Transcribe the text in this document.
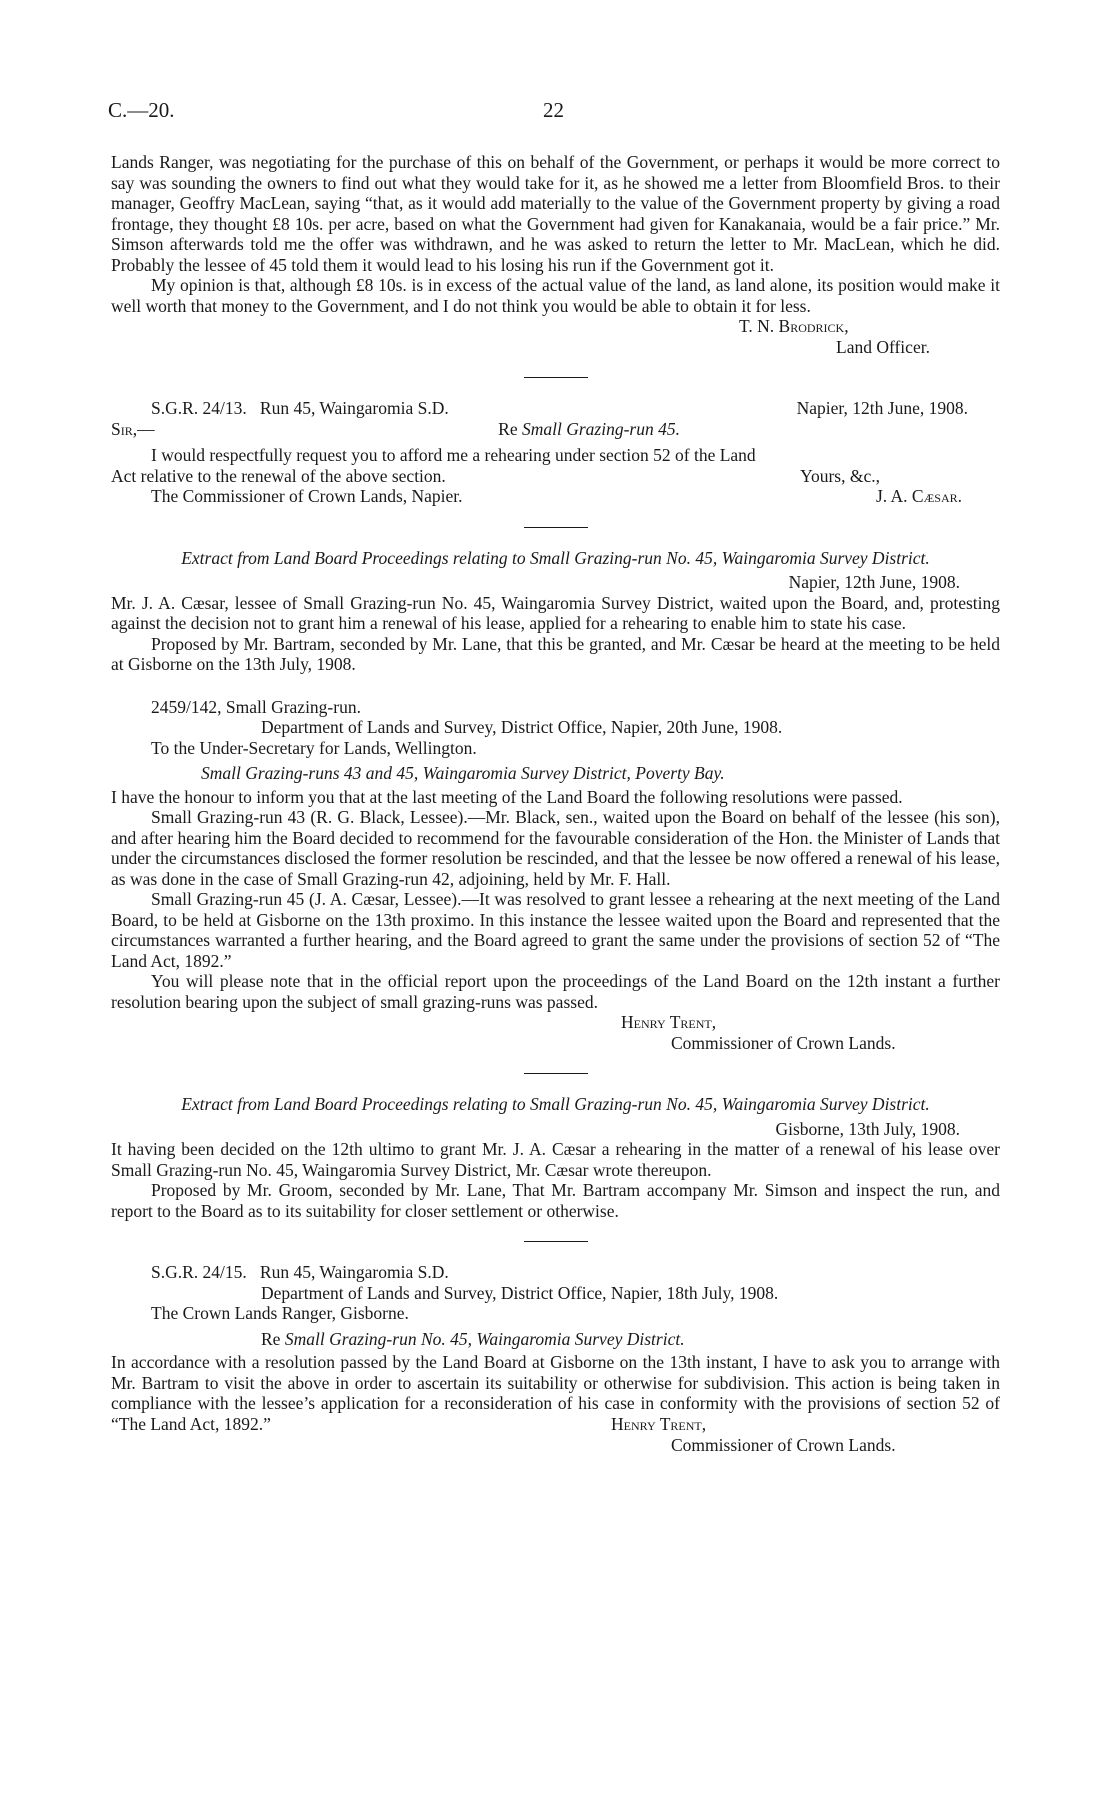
C.—20.	22

Lands Ranger, was negotiating for the purchase of this on behalf of the Government, or perhaps it would be more correct to say was sounding the owners to find out what they would take for it, as he showed me a letter from Bloomfield Bros. to their manager, Geoffry MacLean, saying “that, as it would add materially to the value of the Government property by giving a road frontage, they thought £8 10s. per acre, based on what the Government had given for Kanakanaia, would be a fair price.” Mr. Simson afterwards told me the offer was withdrawn, and he was asked to return the letter to Mr. MacLean, which he did. Probably the lessee of 45 told them it would lead to his losing his run if the Government got it.

My opinion is that, although £8 10s. is in excess of the actual value of the land, as land alone, its position would make it well worth that money to the Government, and I do not think you would be able to obtain it for less.

T. N. Brodrick,
Land Officer.
S.G.R. 24/13. Run 45, Waingaromia S.D.	Napier, 12th June, 1908.
Sir,—	Re Small Grazing-run 45.

I would respectfully request you to afford me a rehearing under section 52 of the Land

Act relative to the renewal of the above section.	Yours, &c.,
The Commissioner of Crown Lands, Napier.	J. A. Cæsar.

Extract from Land Board Proceedings relating to Small Grazing-run No. 45, Waingaromia Survey District.

Napier, 12th June, 1908.

Mr. J. A. Cæsar, lessee of Small Grazing-run No. 45, Waingaromia Survey District, waited upon the Board, and, protesting against the decision not to grant him a renewal of his lease, applied for a rehearing to enable him to state his case.

Proposed by Mr. Bartram, seconded by Mr. Lane, that this be granted, and Mr. Cæsar be heard at the meeting to be held at Gisborne on the 13th July, 1908.

2459/142, Small Grazing-run.
Department of Lands and Survey, District Office, Napier, 20th June, 1908.
To the Under-Secretary for Lands, Wellington.
Small Grazing-runs 43 and 45, Waingaromia Survey District, Poverty Bay.

I have the honour to inform you that at the last meeting of the Land Board the following resolutions were passed.

Small Grazing-run 43 (R. G. Black, Lessee).—Mr. Black, sen., waited upon the Board on behalf of the lessee (his son), and after hearing him the Board decided to recommend for the favourable consideration of the Hon. the Minister of Lands that under the circumstances disclosed the former resolution be rescinded, and that the lessee be now offered a renewal of his lease, as was done in the case of Small Grazing-run 42, adjoining, held by Mr. F. Hall.

Small Grazing-run 45 (J. A. Cæsar, Lessee).—It was resolved to grant lessee a rehearing at the next meeting of the Land Board, to be held at Gisborne on the 13th proximo. In this instance the lessee waited upon the Board and represented that the circumstances warranted a further hearing, and the Board agreed to grant the same under the provisions of section 52 of “The Land Act, 1892.”

You will please note that in the official report upon the proceedings of the Land Board on the 12th instant a further resolution bearing upon the subject of small grazing-runs was passed.

Henry Trent,
Commissioner of Crown Lands.

Extract from Land Board Proceedings relating to Small Grazing-run No. 45, Waingaromia Survey District.

Gisborne, 13th July, 1908.

It having been decided on the 12th ultimo to grant Mr. J. A. Cæsar a rehearing in the matter of a renewal of his lease over Small Grazing-run No. 45, Waingaromia Survey District, Mr. Cæsar wrote thereupon.

Proposed by Mr. Groom, seconded by Mr. Lane, That Mr. Bartram accompany Mr. Simson and inspect the run, and report to the Board as to its suitability for closer settlement or otherwise.

S.G.R. 24/15.   Run 45, Waingaromia S.D.
Department of Lands and Survey, District Office, Napier, 18th July, 1908.
The Crown Lands Ranger, Gisborne.
Re Small Grazing-run No. 45, Waingaromia Survey District.

In accordance with a resolution passed by the Land Board at Gisborne on the 13th instant, I have to ask you to arrange with Mr. Bartram to visit the above in order to ascertain its suitability or otherwise for subdivision. This action is being taken in compliance with the lessee’s application for a reconsideration of his case in conformity with the provisions of section 52 of “The Land Act, 1892.”	Henry Trent,
Commissioner of Crown Lands.
